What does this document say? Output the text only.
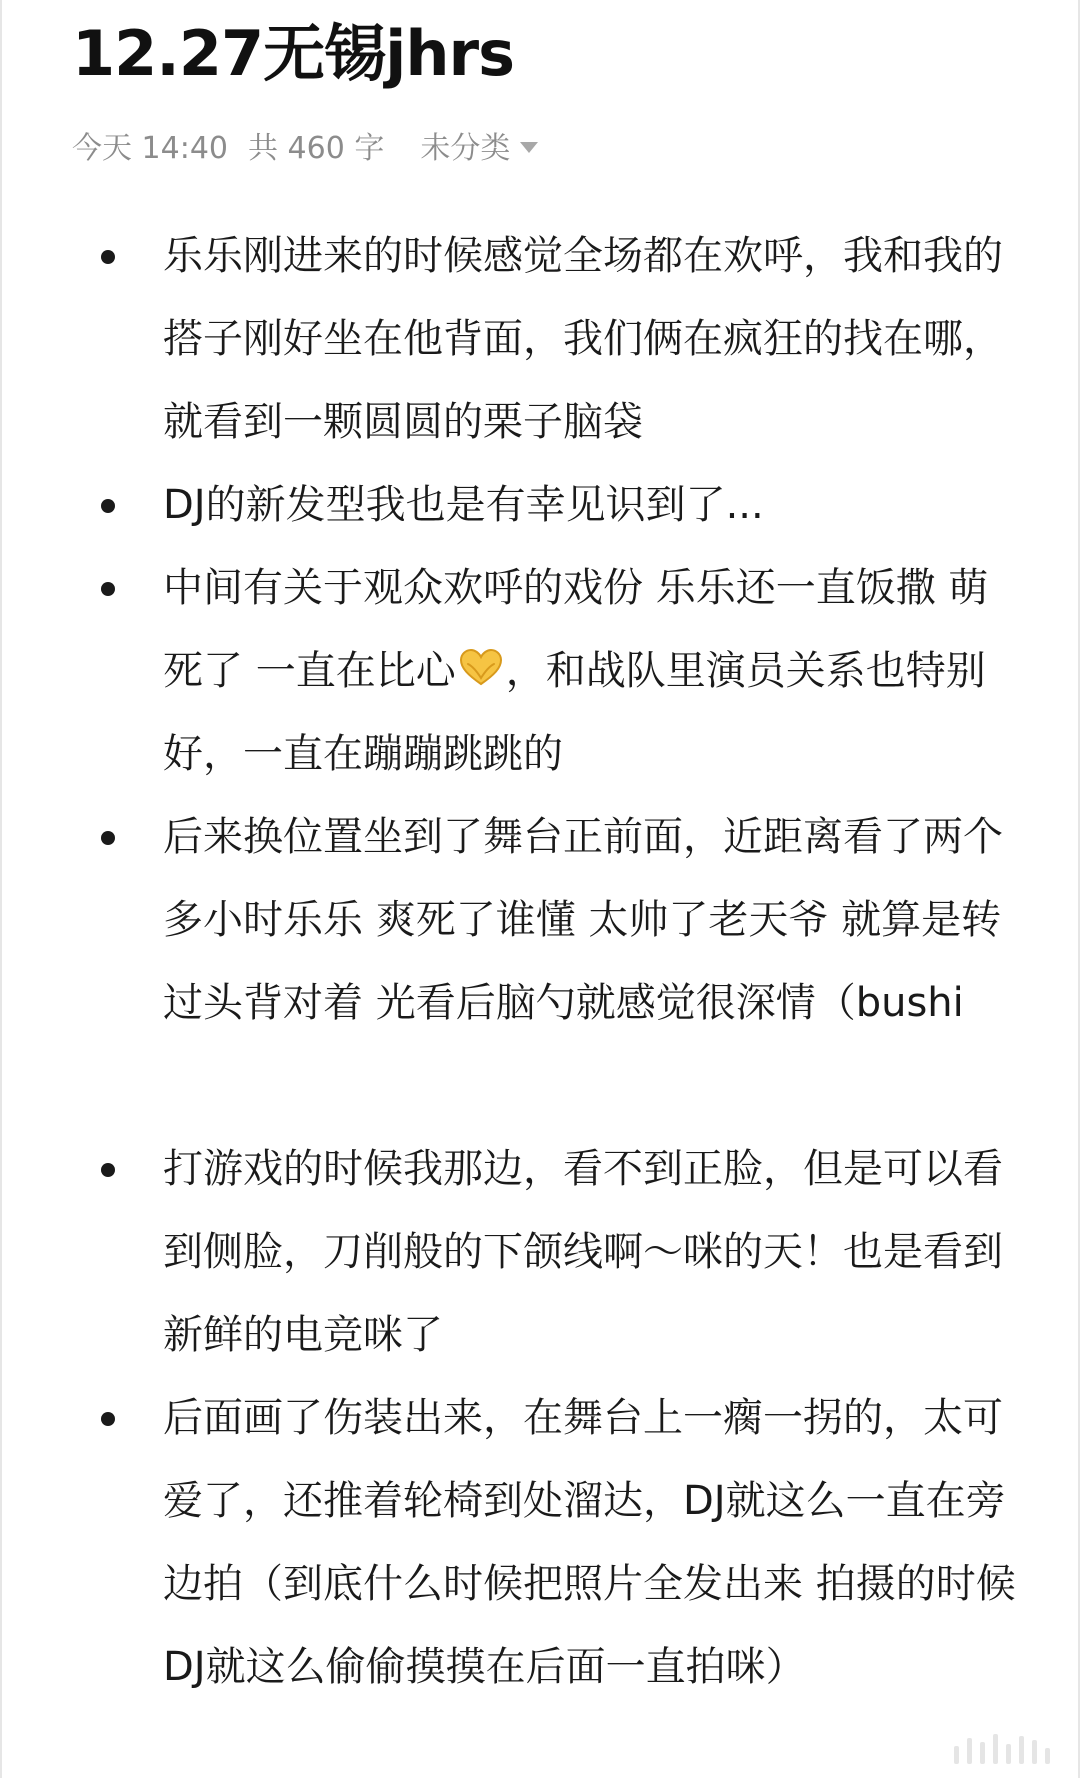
12.27无锡jhrs
今天 14:40 共 460 字 未分类
乐乐刚进来的时候感觉全场都在欢呼，我和我的搭子刚好坐在他背面，我们俩在疯狂的找在哪，就看到一颗圆圆的栗子脑袋
DJ的新发型我也是有幸见识到了...
中间有关于观众欢呼的戏份 乐乐还一直饭撒 萌死了 一直在比心 ，和战队里演员关系也特别好，一直在蹦蹦跳跳的
后来换位置坐到了舞台正前面，近距离看了两个多小时乐乐 爽死了谁懂 太帅了老天爷 就算是转过头背对着 光看后脑勺就感觉很深情（bushi
打游戏的时候我那边，看不到正脸，但是可以看到侧脸，刀削般的下颌线啊～咪的天！也是看到新鲜的电竞咪了
后面画了伤装出来，在舞台上一瘸一拐的，太可爱了，还推着轮椅到处溜达，DJ就这么一直在旁边拍（到底什么时候把照片全发出来 拍摄的时候DJ就这么偷偷摸摸在后面一直拍咪）
